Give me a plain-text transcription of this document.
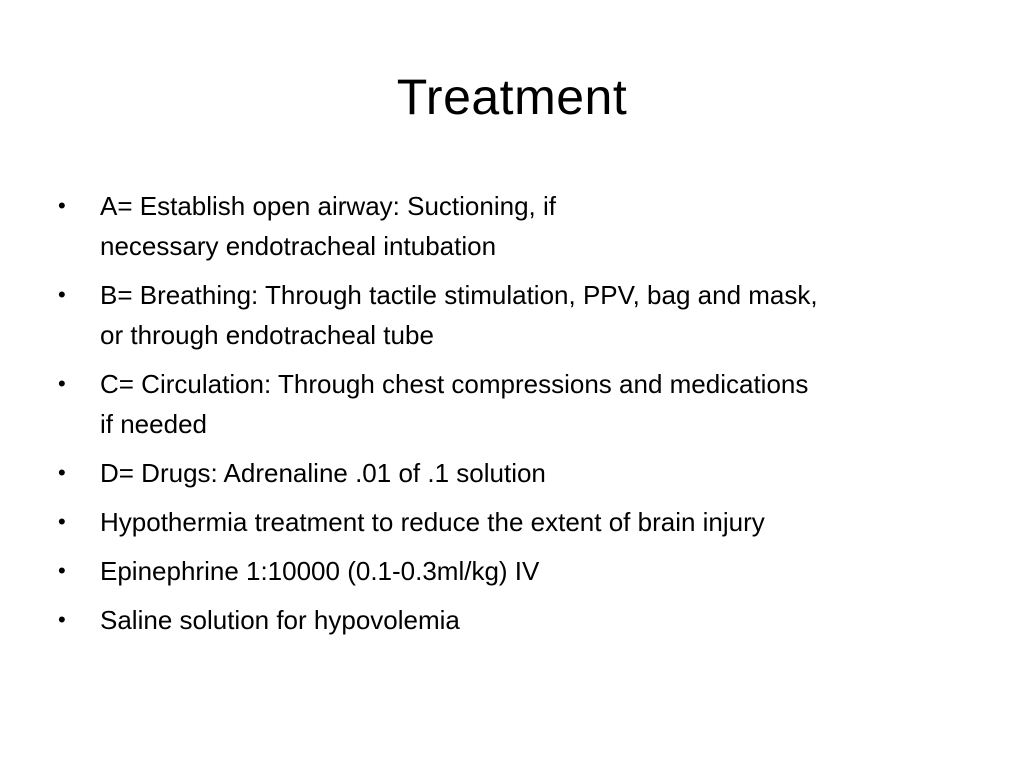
Treatment
•	A= Establish open airway: Suctioning, if
necessary endotracheal intubation
•	B= Breathing: Through tactile stimulation, PPV, bag and mask,
or through endotracheal tube
•	C= Circulation: Through chest compressions and medications
if needed
•	D= Drugs: Adrenaline .01 of .1 solution
•	Hypothermia treatment to reduce the extent of brain injury
•	Epinephrine 1:10000 (0.1-0.3ml/kg) IV
•	Saline solution for hypovolemia
